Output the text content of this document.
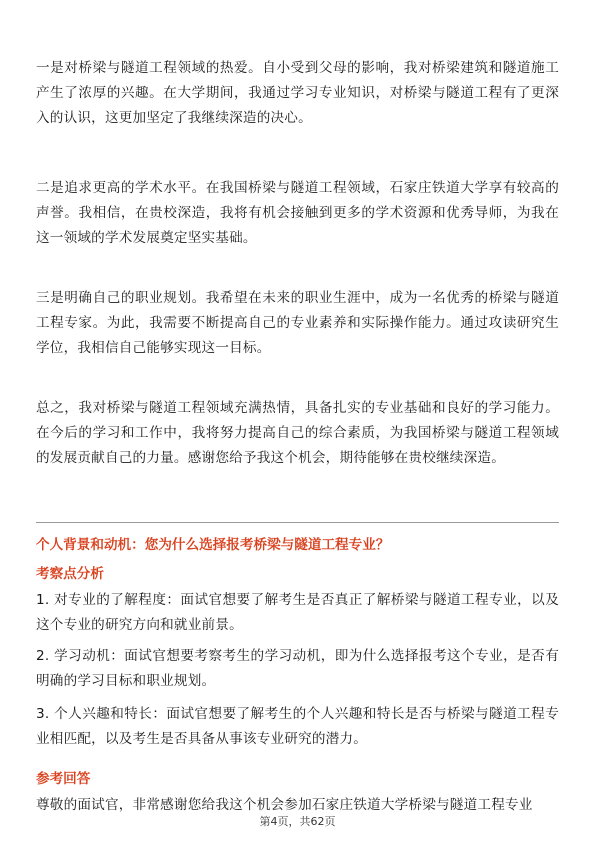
一是对桥梁与隧道工程领域的热爱。自小受到父母的影响，我对桥梁建筑和隧道施工产生了浓厚的兴趣。在大学期间，我通过学习专业知识，对桥梁与隧道工程有了更深入的认识，这更加坚定了我继续深造的决心。

二是追求更高的学术水平。在我国桥梁与隧道工程领域，石家庄铁道大学享有较高的声誉。我相信，在贵校深造，我将有机会接触到更多的学术资源和优秀导师，为我在这一领域的学术发展奠定坚实基础。

三是明确自己的职业规划。我希望在未来的职业生涯中，成为一名优秀的桥梁与隧道工程专家。为此，我需要不断提高自己的专业素养和实际操作能力。通过攻读研究生学位，我相信自己能够实现这一目标。

总之，我对桥梁与隧道工程领域充满热情，具备扎实的专业基础和良好的学习能力。在今后的学习和工作中，我将努力提高自己的综合素质，为我国桥梁与隧道工程领域的发展贡献自己的力量。感谢您给予我这个机会，期待能够在贵校继续深造。

个人背景和动机：您为什么选择报考桥梁与隧道工程专业？

考察点分析

1. 对专业的了解程度：面试官想要了解考生是否真正了解桥梁与隧道工程专业，以及这个专业的研究方向和就业前景。

2. 学习动机：面试官想要考察考生的学习动机，即为什么选择报考这个专业，是否有明确的学习目标和职业规划。

3. 个人兴趣和特长：面试官想要了解考生的个人兴趣和特长是否与桥梁与隧道工程专业相匹配，以及考生是否具备从事该专业研究的潜力。

参考回答

尊敬的面试官，非常感谢您给我这个机会参加石家庄铁道大学桥梁与隧道工程专业

第4页，共62页
